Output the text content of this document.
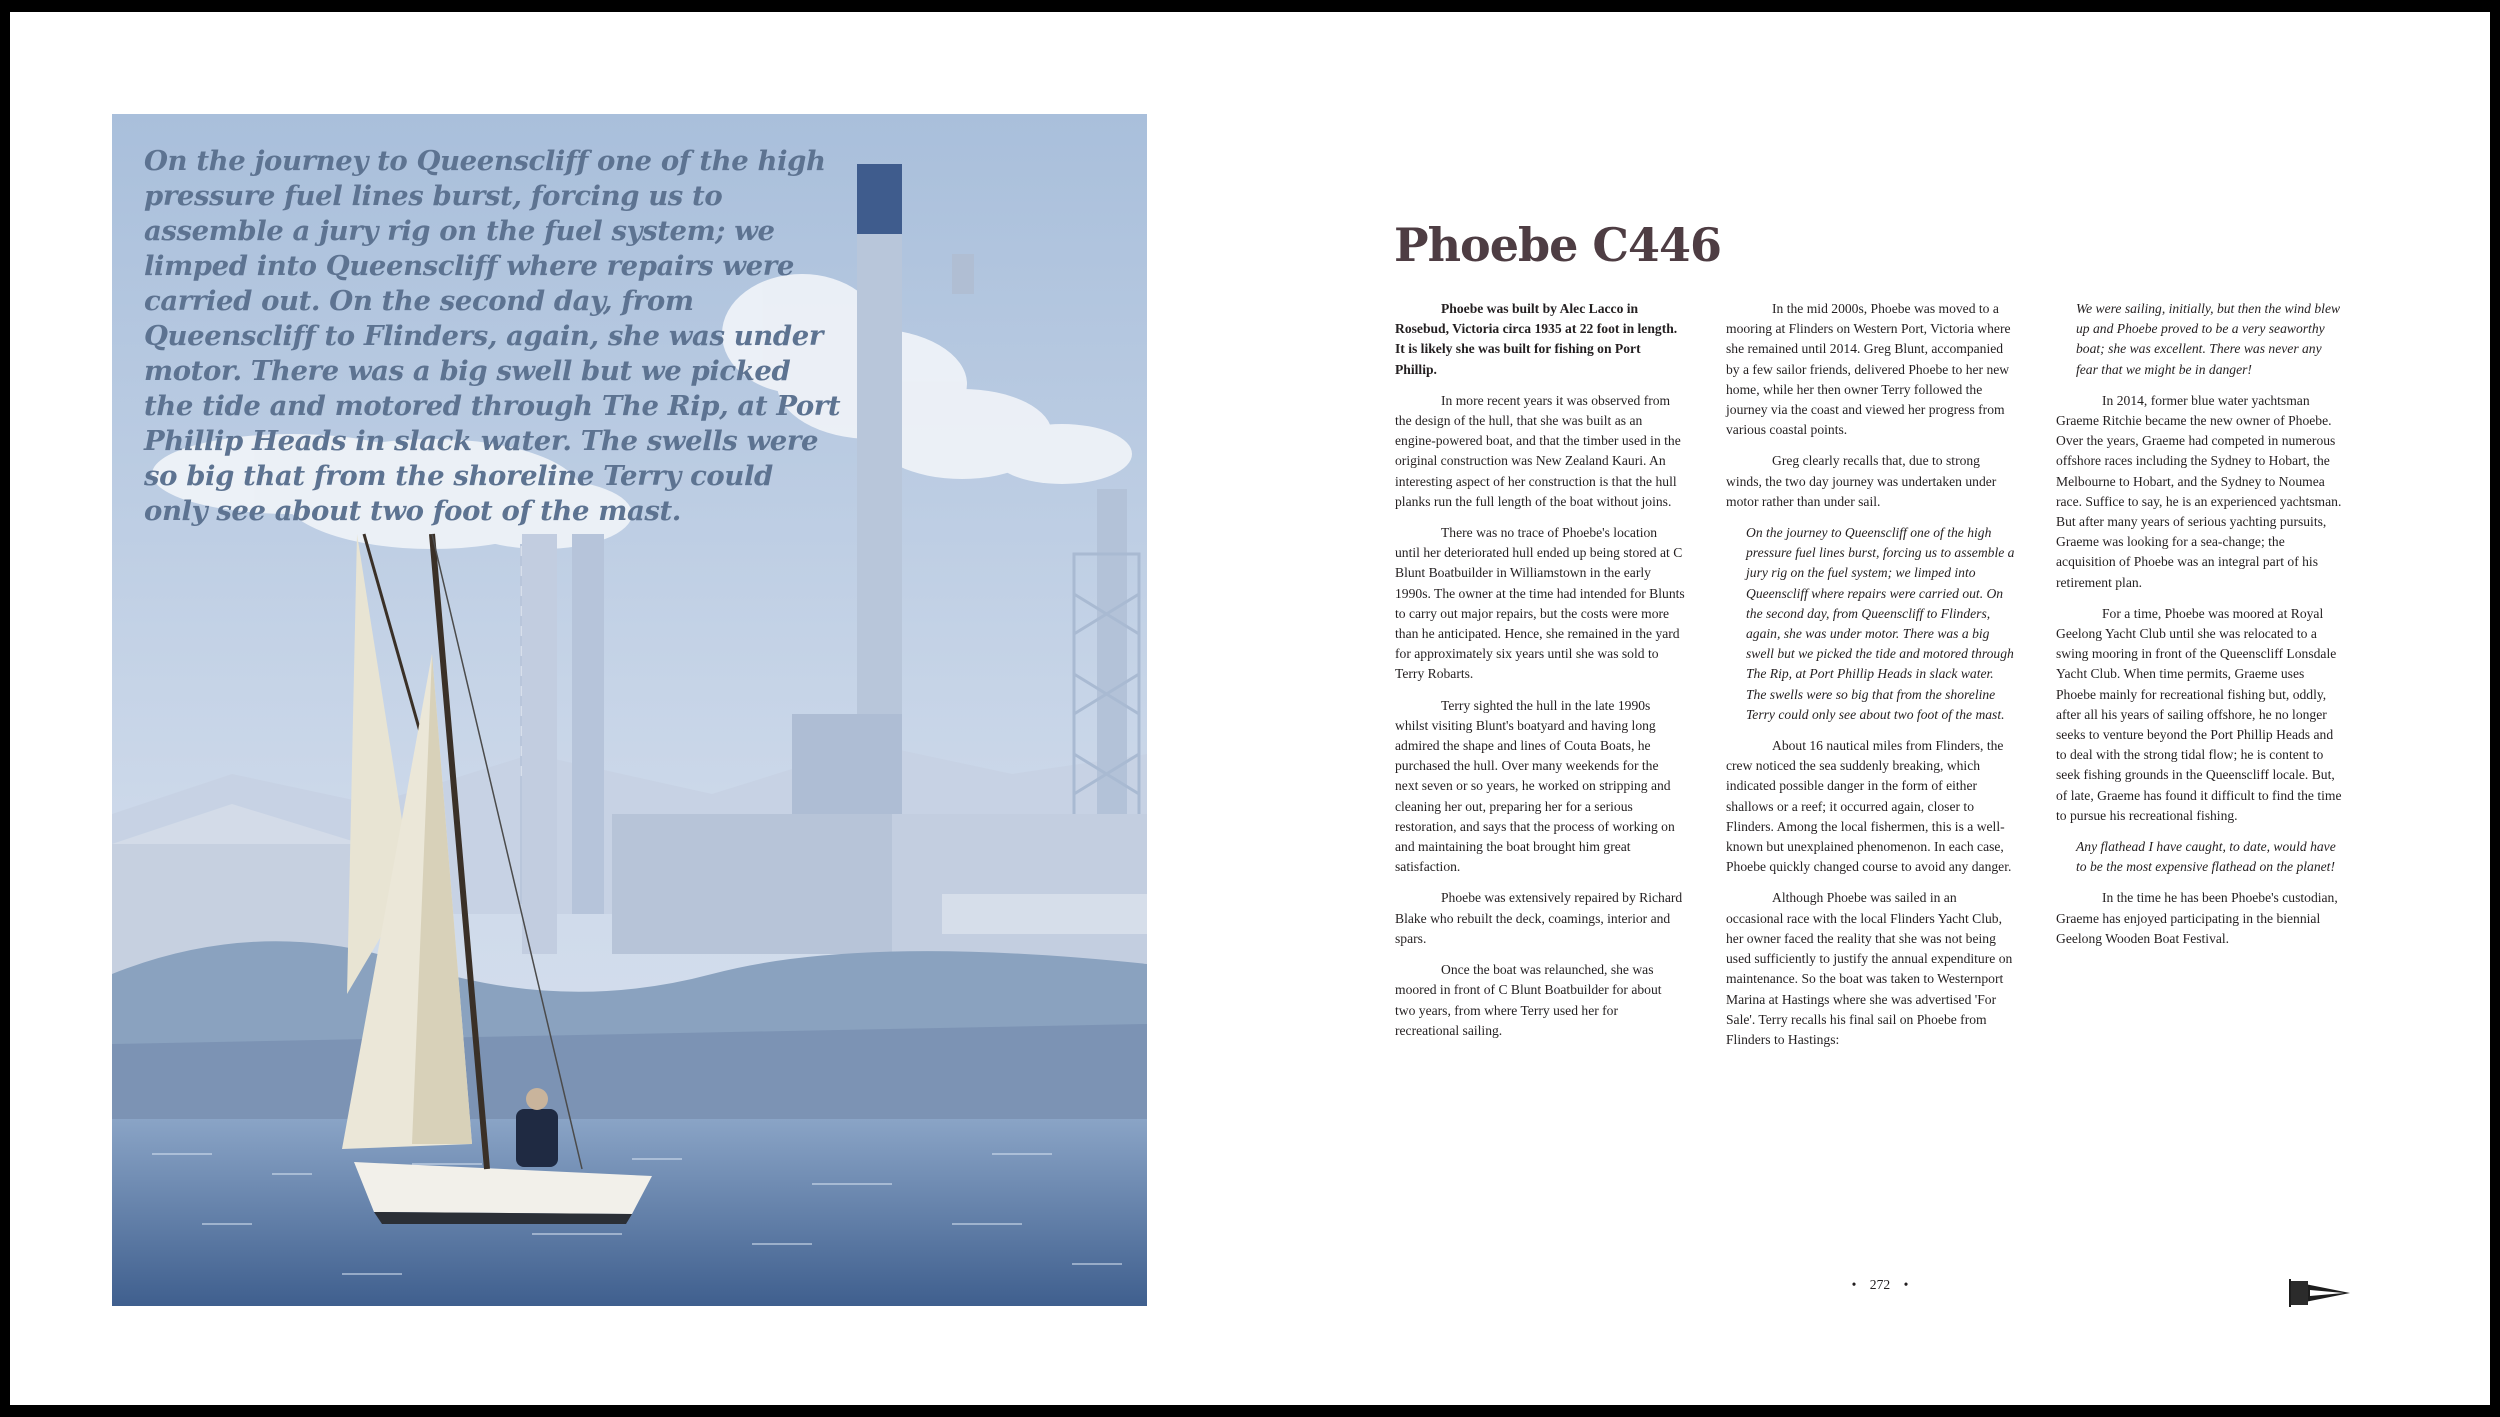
On the journey to Queenscliff one of the high pressure fuel lines burst, forcing us to assemble a jury rig on the fuel system; we limped into Queenscliff where repairs were carried out. On the second day, from Queenscliff to Flinders, again, she was under motor. There was a big swell but we picked the tide and motored through The Rip, at Port Phillip Heads in slack water. The swells were so big that from the shoreline Terry could only see about two foot of the mast.

Phoebe C446

Phoebe was built by Alec Lacco in Rosebud, Victoria circa 1935 at 22 foot in length. It is likely she was built for fishing on Port Phillip.

In more recent years it was observed from the design of the hull, that she was built as an engine-powered boat, and that the timber used in the original construction was New Zealand Kauri. An interesting aspect of her construction is that the hull planks run the full length of the boat without joins.

There was no trace of Phoebe's location until her deteriorated hull ended up being stored at C Blunt Boatbuilder in Williamstown in the early 1990s. The owner at the time had intended for Blunts to carry out major repairs, but the costs were more than he anticipated. Hence, she remained in the yard for approximately six years until she was sold to Terry Robarts.

Terry sighted the hull in the late 1990s whilst visiting Blunt's boatyard and having long admired the shape and lines of Couta Boats, he purchased the hull. Over many weekends for the next seven or so years, he worked on stripping and cleaning her out, preparing her for a serious restoration, and says that the process of working on and maintaining the boat brought him great satisfaction.

Phoebe was extensively repaired by Richard Blake who rebuilt the deck, coamings, interior and spars.

Once the boat was relaunched, she was moored in front of C Blunt Boatbuilder for about two years, from where Terry used her for recreational sailing.

In the mid 2000s, Phoebe was moved to a mooring at Flinders on Western Port, Victoria where she remained until 2014. Greg Blunt, accompanied by a few sailor friends, delivered Phoebe to her new home, while her then owner Terry followed the journey via the coast and viewed her progress from various coastal points.

Greg clearly recalls that, due to strong winds, the two day journey was undertaken under motor rather than under sail.

On the journey to Queenscliff one of the high pressure fuel lines burst, forcing us to assemble a jury rig on the fuel system; we limped into Queenscliff where repairs were carried out. On the second day, from Queenscliff to Flinders, again, she was under motor. There was a big swell but we picked the tide and motored through The Rip, at Port Phillip Heads in slack water. The swells were so big that from the shoreline Terry could only see about two foot of the mast.

About 16 nautical miles from Flinders, the crew noticed the sea suddenly breaking, which indicated possible danger in the form of either shallows or a reef; it occurred again, closer to Flinders. Among the local fishermen, this is a well-known but unexplained phenomenon. In each case, Phoebe quickly changed course to avoid any danger.

Although Phoebe was sailed in an occasional race with the local Flinders Yacht Club, her owner faced the reality that she was not being used sufficiently to justify the annual expenditure on maintenance. So the boat was taken to Westernport Marina at Hastings where she was advertised 'For Sale'. Terry recalls his final sail on Phoebe from Flinders to Hastings:

We were sailing, initially, but then the wind blew up and Phoebe proved to be a very seaworthy boat; she was excellent. There was never any fear that we might be in danger!

In 2014, former blue water yachtsman Graeme Ritchie became the new owner of Phoebe. Over the years, Graeme had competed in numerous offshore races including the Sydney to Hobart, the Melbourne to Hobart, and the Sydney to Noumea race. Suffice to say, he is an experienced yachtsman. But after many years of serious yachting pursuits, Graeme was looking for a sea-change; the acquisition of Phoebe was an integral part of his retirement plan.

For a time, Phoebe was moored at Royal Geelong Yacht Club until she was relocated to a swing mooring in front of the Queenscliff Lonsdale Yacht Club. When time permits, Graeme uses Phoebe mainly for recreational fishing but, oddly, after all his years of sailing offshore, he no longer seeks to venture beyond the Port Phillip Heads and to deal with the strong tidal flow; he is content to seek fishing grounds in the Queenscliff locale. But, of late, Graeme has found it difficult to find the time to pursue his recreational fishing.

Any flathead I have caught, to date, would have to be the most expensive flathead on the planet!

In the time he has been Phoebe's custodian, Graeme has enjoyed participating in the biennial Geelong Wooden Boat Festival.

• 272 •
